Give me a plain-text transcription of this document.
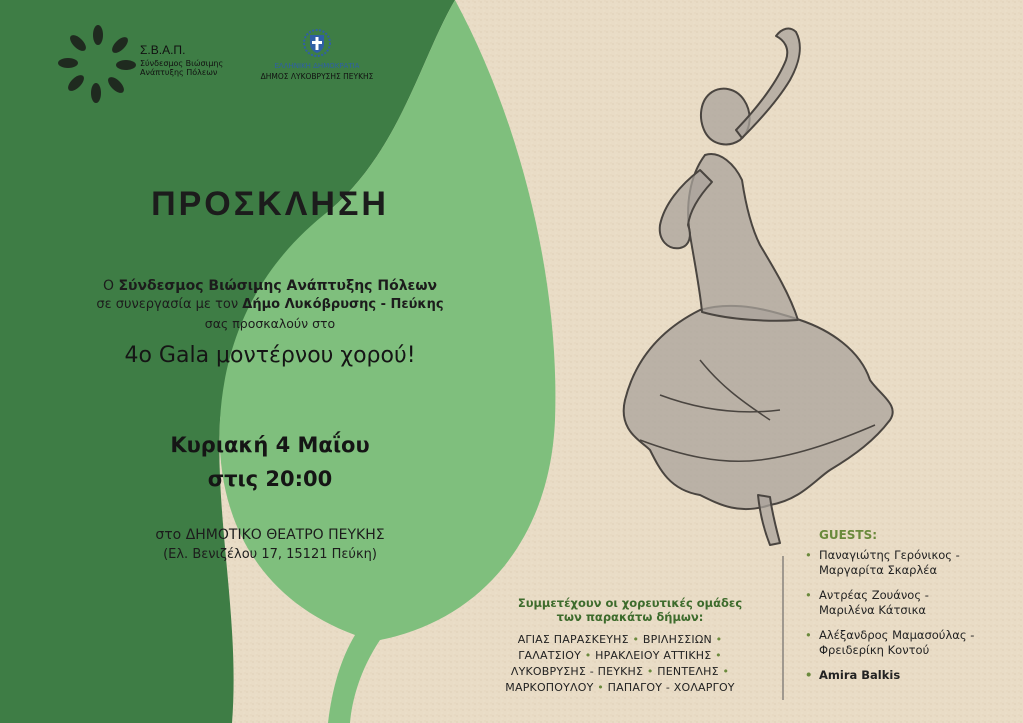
Σ.Β.Α.Π.
Σύνδεσμος Βιώσιμης
Ανάπτυξης Πόλεων
ΕΛΛΗΝΙΚΗ ΔΗΜΟΚΡΑΤΙΑ
ΔΗΜΟΣ ΛΥΚΟΒΡΥΣΗΣ ΠΕΥΚΗΣ
ΠΡΟΣΚΛΗΣΗ
Ο Σύνδεσμος Βιώσιμης Ανάπτυξης Πόλεων
σε συνεργασία με τον Δήμο Λυκόβρυσης - Πεύκης
σας προσκαλούν στο
4o Gala μοντέρνου χορού!
Κυριακή 4 Μαΐου
στις 20:00
στο ΔΗΜΟΤΙΚΟ ΘΕΑΤΡΟ ΠΕΥΚΗΣ
(Ελ. Βενιζέλου 17, 15121 Πεύκη)
Συμμετέχουν οι χορευτικές ομάδες
των παρακάτω δήμων:
ΑΓΙΑΣ ΠΑΡΑΣΚΕΥΗΣ • ΒΡΙΛΗΣΣΙΩΝ •
ΓΑΛΑΤΣΙΟΥ • ΗΡΑΚΛΕΙΟΥ ΑΤΤΙΚΗΣ •
ΛΥΚΟΒΡΥΣΗΣ - ΠΕΥΚΗΣ • ΠΕΝΤΕΛΗΣ •
ΜΑΡΚΟΠΟΥΛΟΥ • ΠΑΠΑΓΟΥ - ΧΟΛΑΡΓΟΥ
GUESTS:
• Παναγιώτης Γερόνικος -
Μαργαρίτα Σκαρλέα
• Αντρέας Ζουάνος -
Μαριλένα Κάτσικα
• Αλέξανδρος Μαμασούλας -
Φρειδερίκη Κοντού
• Amira Balkis
